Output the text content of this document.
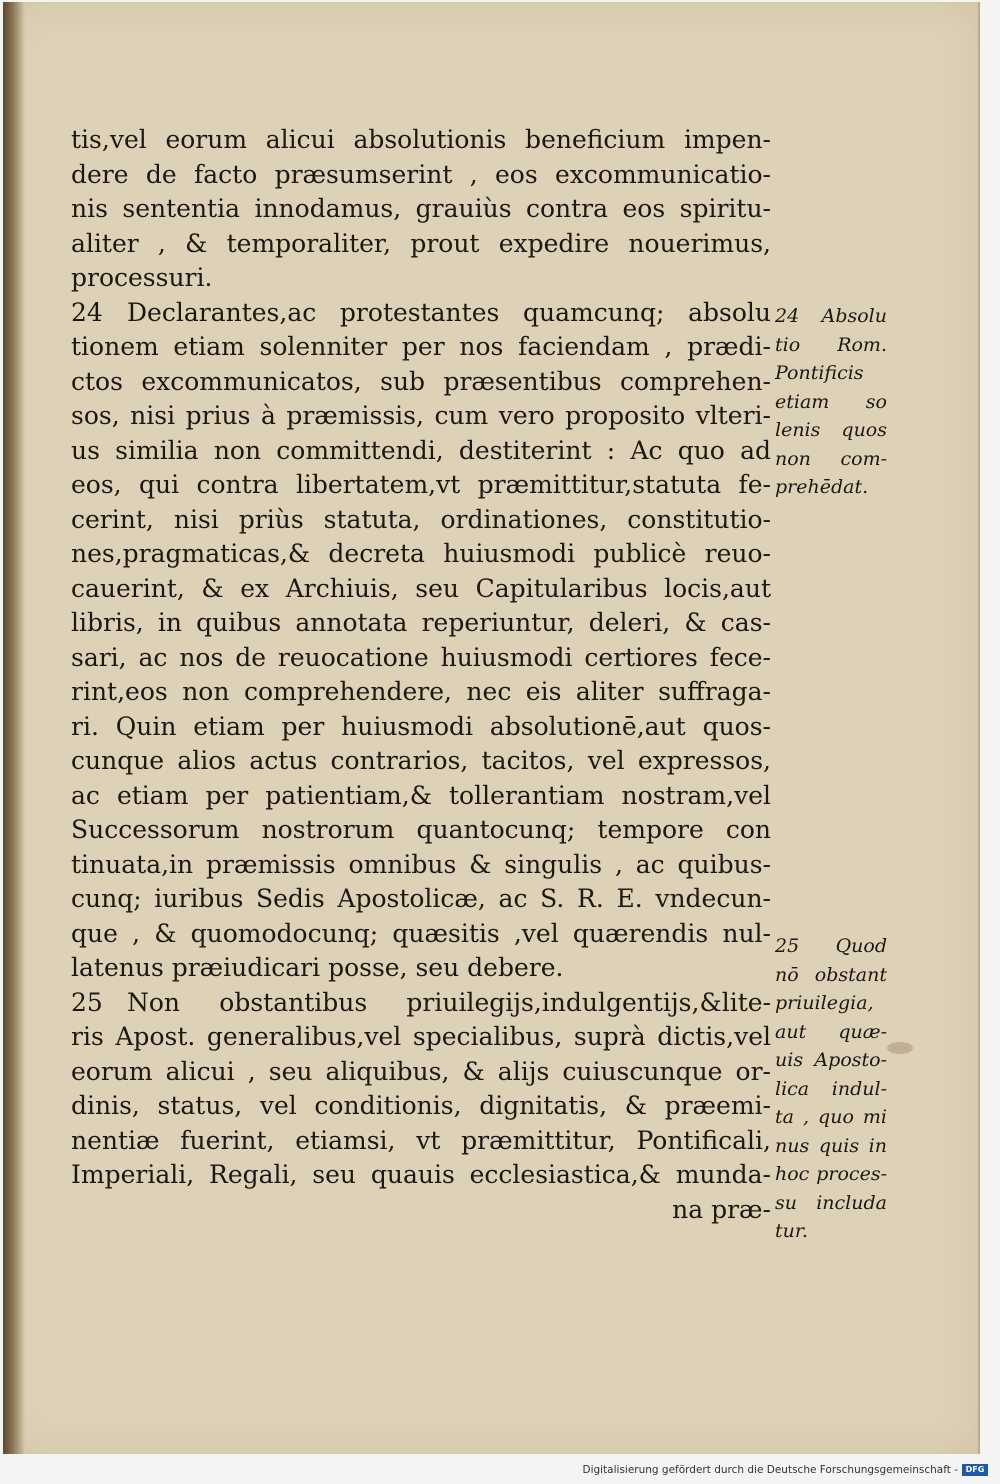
tis,vel eorum alicui absolutionis beneficium impen-
dere de facto præsumserint , eos excommunicatio-
nis sententia innodamus, grauiùs contra eos spiritu-
aliter , & temporaliter, prout expedire nouerimus,
processuri.
24 Declarantes,ac protestantes quamcunq; absolu
tionem etiam solenniter per nos faciendam , prædi-
ctos excommunicatos, sub præsentibus comprehen-
sos, nisi prius à præmissis, cum vero proposito vlteri-
us similia non committendi, destiterint : Ac quo ad
eos, qui contra libertatem,vt præmittitur,statuta fe-
cerint, nisi priùs statuta, ordinationes, constitutio-
nes,pragmaticas,& decreta huiusmodi publicè reuo-
cauerint, & ex Archiuis, seu Capitularibus locis,aut
libris, in quibus annotata reperiuntur, deleri, & cas-
sari, ac nos de reuocatione huiusmodi certiores fece-
rint,eos non comprehendere, nec eis aliter suffraga-
ri. Quin etiam per huiusmodi absolutionē,aut quos-
cunque alios actus contrarios, tacitos, vel expressos,
ac etiam per patientiam,& tollerantiam nostram,vel
Successorum nostrorum quantocunq; tempore con
tinuata,in præmissis omnibus & singulis , ac quibus-
cunq; iuribus Sedis Apostolicæ, ac S. R. E. vndecun-
que , & quomodocunq; quæsitis ,vel quærendis nul-
latenus præiudicari posse, seu debere.
25 Non obstantibus priuilegijs,indulgentijs,&lite-
ris Apost. generalibus,vel specialibus, suprà dictis,vel
eorum alicui , seu aliquibus, & alijs cuiuscunque or-
dinis, status, vel conditionis, dignitatis, & præemi-
nentiæ fuerint, etiamsi, vt præmittitur, Pontificali,
Imperiali, Regali, seu quauis ecclesiastica,& munda-
na præ-
24 Absolu
tio Rom.
Pontificis
etiam so
lenis quos
non com-
prehēdat.
25 Quod
nō obstant
priuilegia,
aut quæ-
uis Aposto-
lica indul-
ta , quo mi
nus quis in
hoc proces-
su includa
tur.
Digitalisierung gefördert durch die Deutsche Forschungsgemeinschaft - DFG
